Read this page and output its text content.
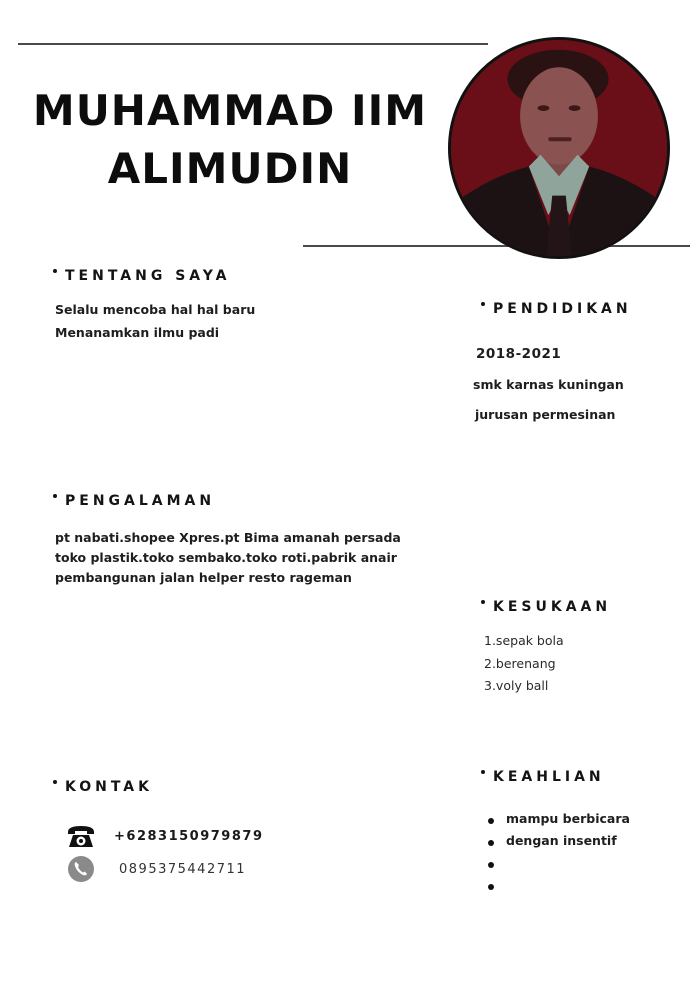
MUHAMMAD IIM
ALIMUDIN
TENTANG SAYA
Selalu mencoba hal hal baru
Menanamkan ilmu padi
PENDIDIKAN
2018-2021
smk karnas kuningan
jurusan permesinan
PENGALAMAN
pt nabati.shopee Xpres.pt Bima amanah persada
toko plastik.toko sembako.toko roti.pabrik anair
pembangunan jalan helper resto rageman
KESUKAAN
1.sepak bola
2.berenang
3.voly ball
KONTAK
+6283150979879
0895375442711
KEAHLIAN
mampu berbicara
dengan insentif
